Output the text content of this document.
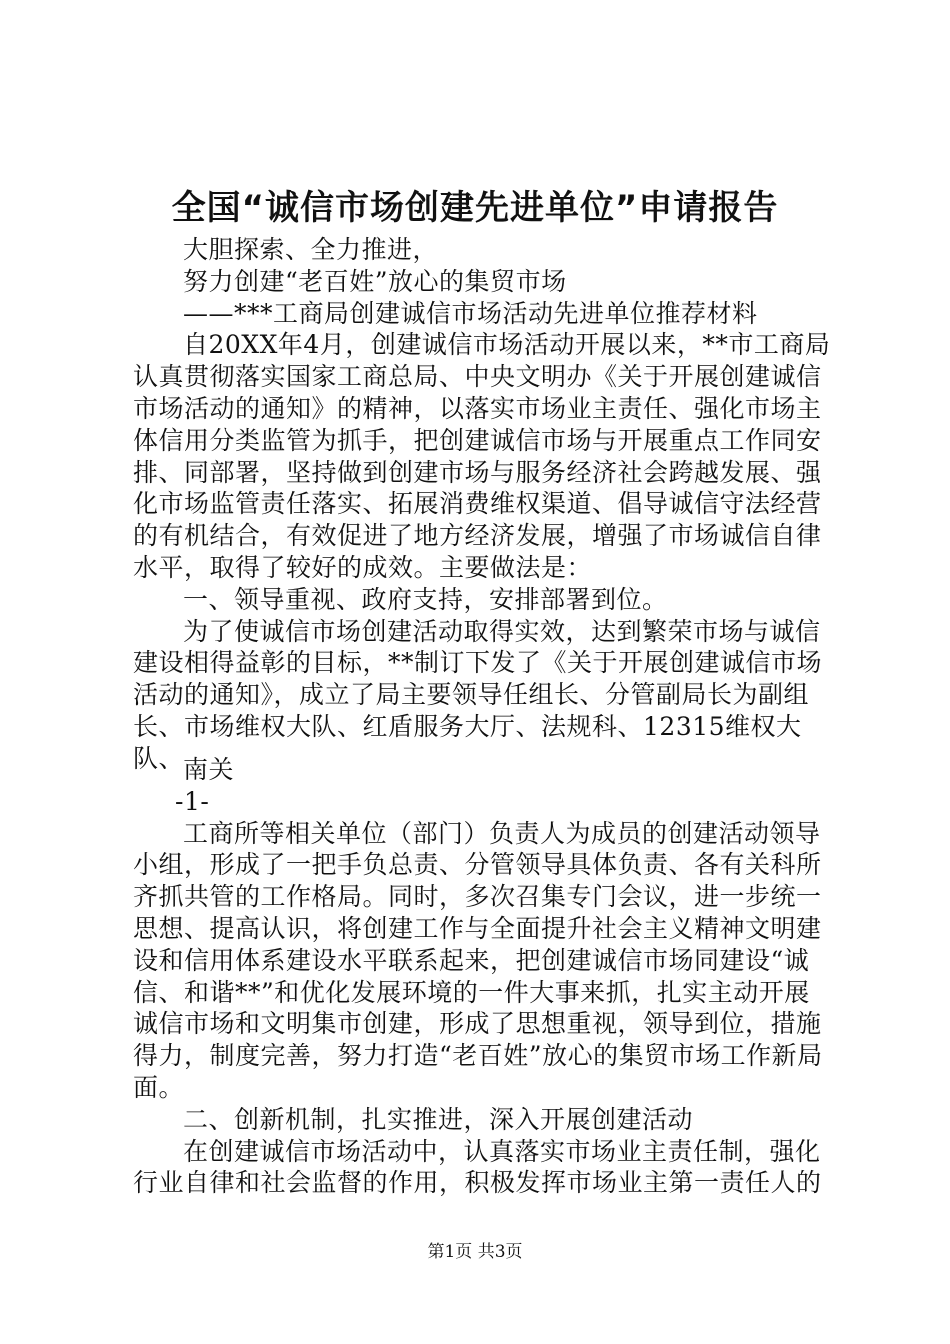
全国“诚信市场创建先进单位”申请报告

大胆探索、全力推进，

努力创建“老百姓”放心的集贸市场

——***工商局创建诚信市场活动先进单位推荐材料

自20XX年4月，创建诚信市场活动开展以来，**市工商局认真贯彻落实国家工商总局、中央文明办《关于开展创建诚信市场活动的通知》的精神，以落实市场业主责任、强化市场主体信用分类监管为抓手，把创建诚信市场与开展重点工作同安排、同部署，坚持做到创建市场与服务经济社会跨越发展、强化市场监管责任落实、拓展消费维权渠道、倡导诚信守法经营的有机结合，有效促进了地方经济发展，增强了市场诚信自律水平，取得了较好的成效。主要做法是：

一、领导重视、政府支持，安排部署到位。

为了使诚信市场创建活动取得实效，达到繁荣市场与诚信建设相得益彰的目标，**制订下发了《关于开展创建诚信市场活动的通知》，成立了局主要领导任组长、分管副局长为副组长、市场维权大队、红盾服务大厅、法规科、12315维权大队、

南关

-1-

工商所等相关单位（部门）负责人为成员的创建活动领导小组，形成了一把手负总责、分管领导具体负责、各有关科所齐抓共管的工作格局。同时，多次召集专门会议，进一步统一思想、提高认识，将创建工作与全面提升社会主义精神文明建设和信用体系建设水平联系起来，把创建诚信市场同建设“诚信、和谐**”和优化发展环境的一件大事来抓，扎实主动开展诚信市场和文明集市创建，形成了思想重视，领导到位，措施得力，制度完善，努力打造“老百姓”放心的集贸市场工作新局面。

二、创新机制，扎实推进，深入开展创建活动

在创建诚信市场活动中，认真落实市场业主责任制，强化行业自律和社会监督的作用，积极发挥市场业主第一责任人的

第1页 共3页
